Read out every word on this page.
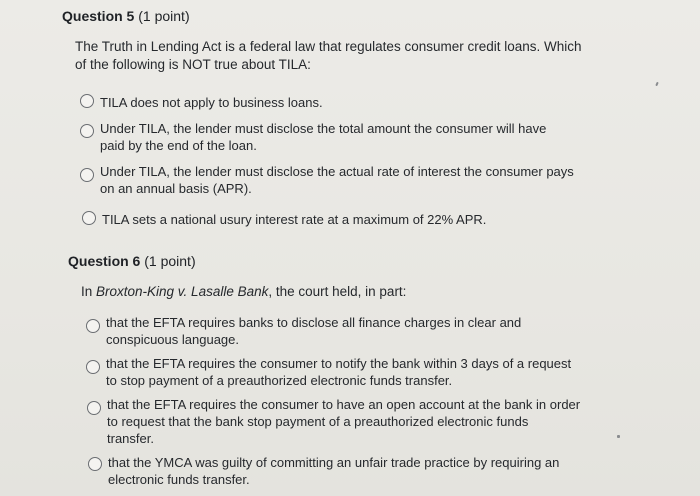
Question 5 (1 point)
The Truth in Lending Act is a federal law that regulates consumer credit loans. Which
of the following is NOT true about TILA:
TILA does not apply to business loans.
Under TILA, the lender must disclose the total amount the consumer will have
paid by the end of the loan.
Under TILA, the lender must disclose the actual rate of interest the consumer pays
on an annual basis (APR).
TILA sets a national usury interest rate at a maximum of 22% APR.
Question 6 (1 point)
In Broxton-King v. Lasalle Bank, the court held, in part:
that the EFTA requires banks to disclose all finance charges in clear and
conspicuous language.
that the EFTA requires the consumer to notify the bank within 3 days of a request
to stop payment of a preauthorized electronic funds transfer.
that the EFTA requires the consumer to have an open account at the bank in order
to request that the bank stop payment of a preauthorized electronic funds
transfer.
that the YMCA was guilty of committing an unfair trade practice by requiring an
electronic funds transfer.
